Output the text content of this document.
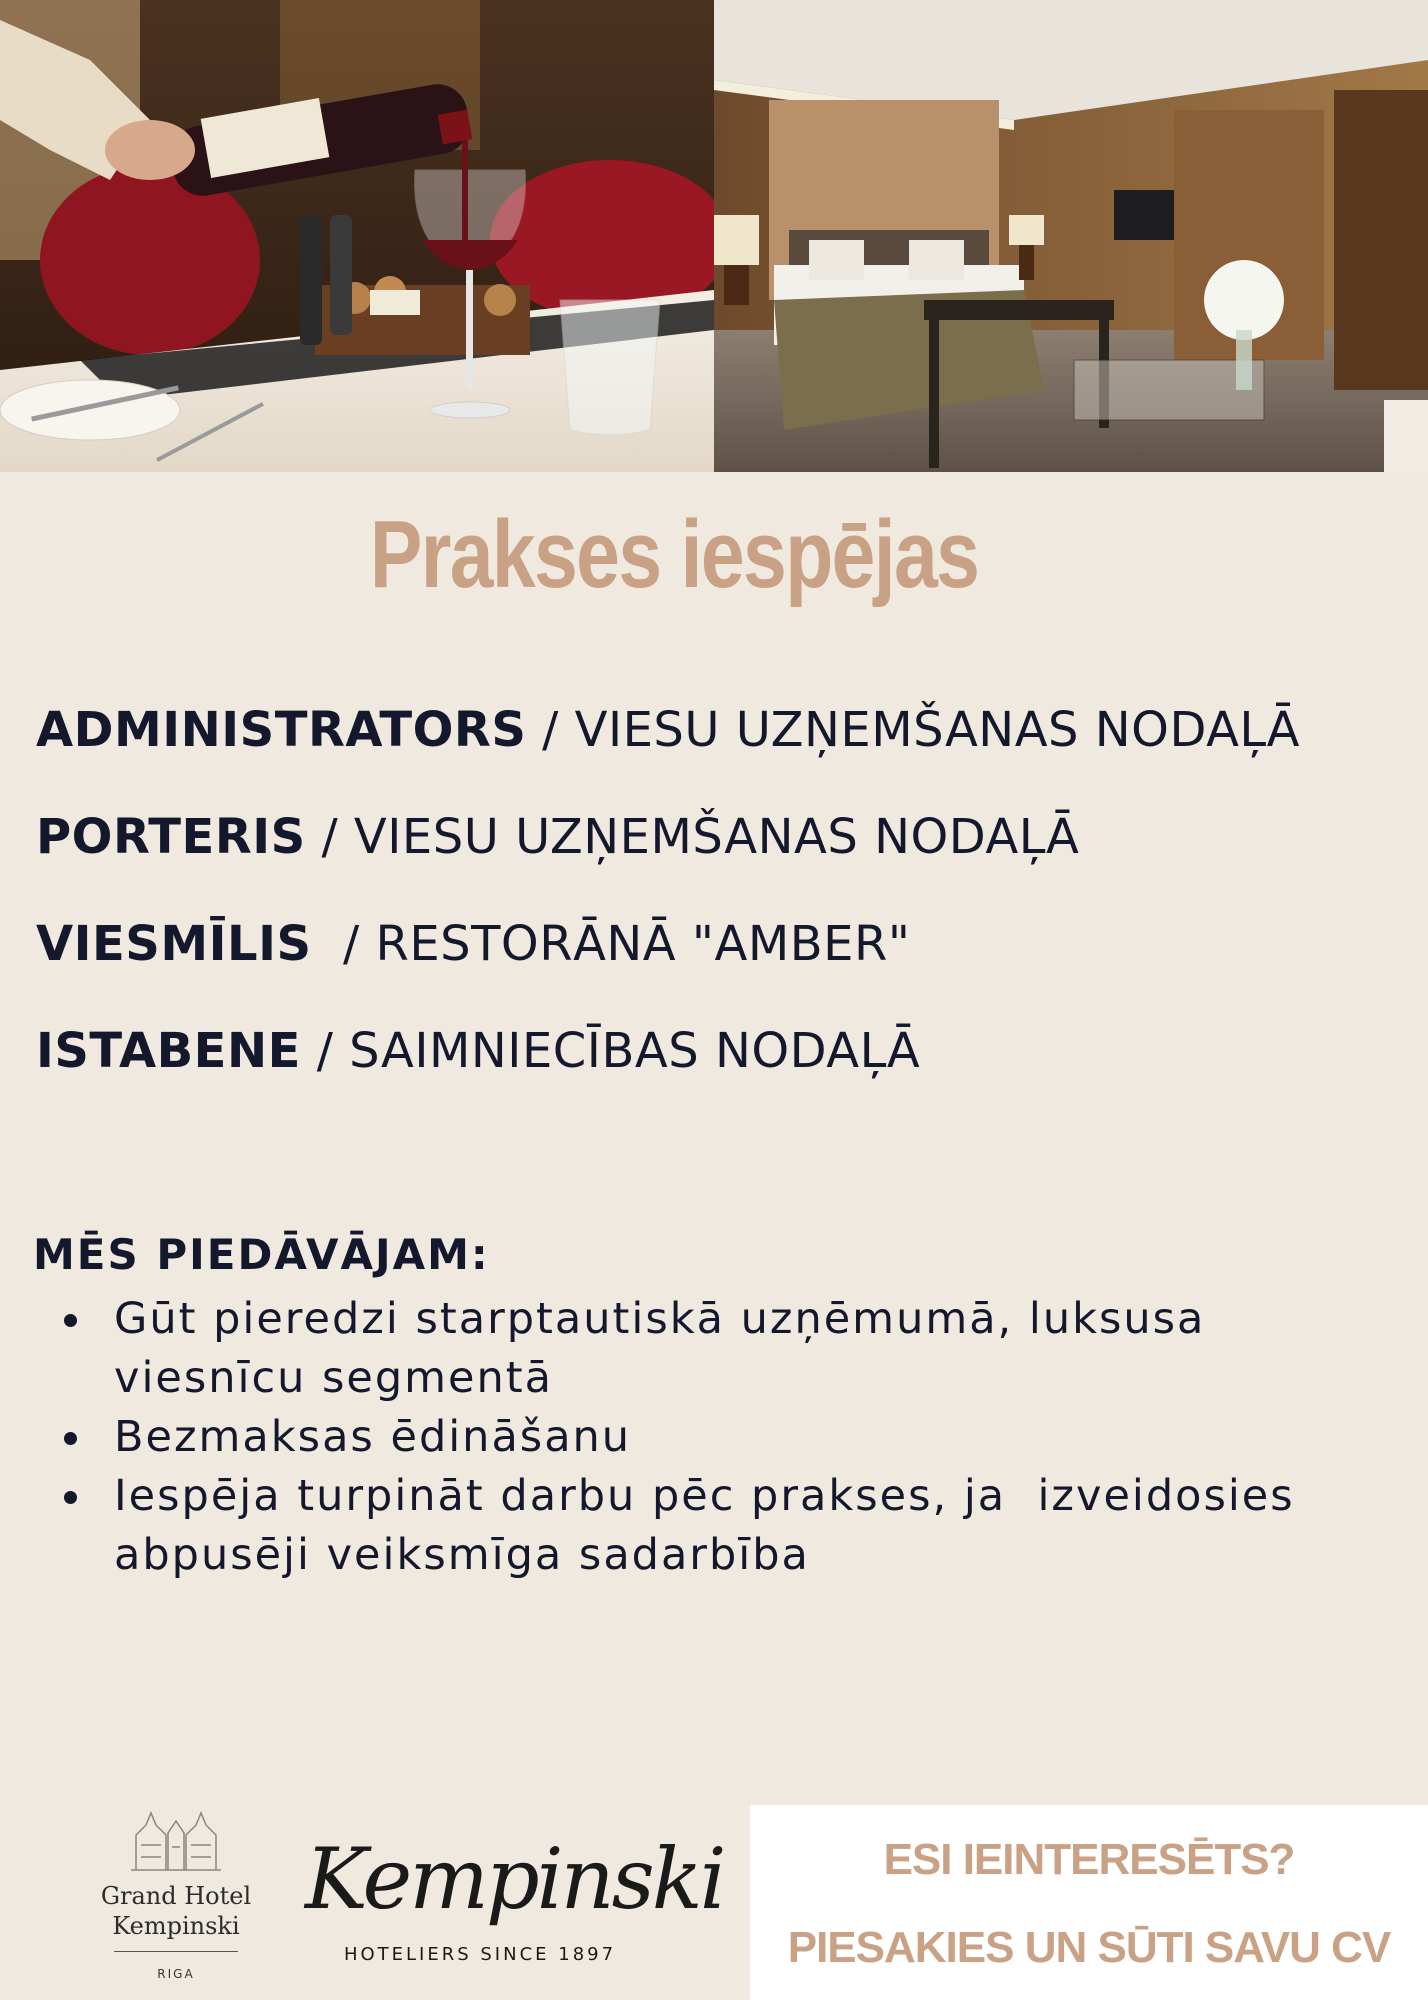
Prakses iespējas
ADMINISTRATORS / VIESU UZŅEMŠANAS NODAĻĀ
PORTERIS / VIESU UZŅEMŠANAS NODAĻĀ
VIESMĪLIS  / RESTORĀNĀ "AMBER"
ISTABENE / SAIMNIECĪBAS NODAĻĀ
MĒS PIEDĀVĀJAM:
Gūt pieredzi starptautiskā uzņēmumā, luksusa viesnīcu segmentā
Bezmaksas ēdināšanu
Iespēja turpināt darbu pēc prakses, ja  izveidosies abpusēji veiksmīga sadarbība
Grand Hotel
Kempinski
RIGA
Kempinski
HOTELIERS SINCE 1897
ESI IEINTERESĒTS?
PIESAKIES UN SŪTI SAVU CV
